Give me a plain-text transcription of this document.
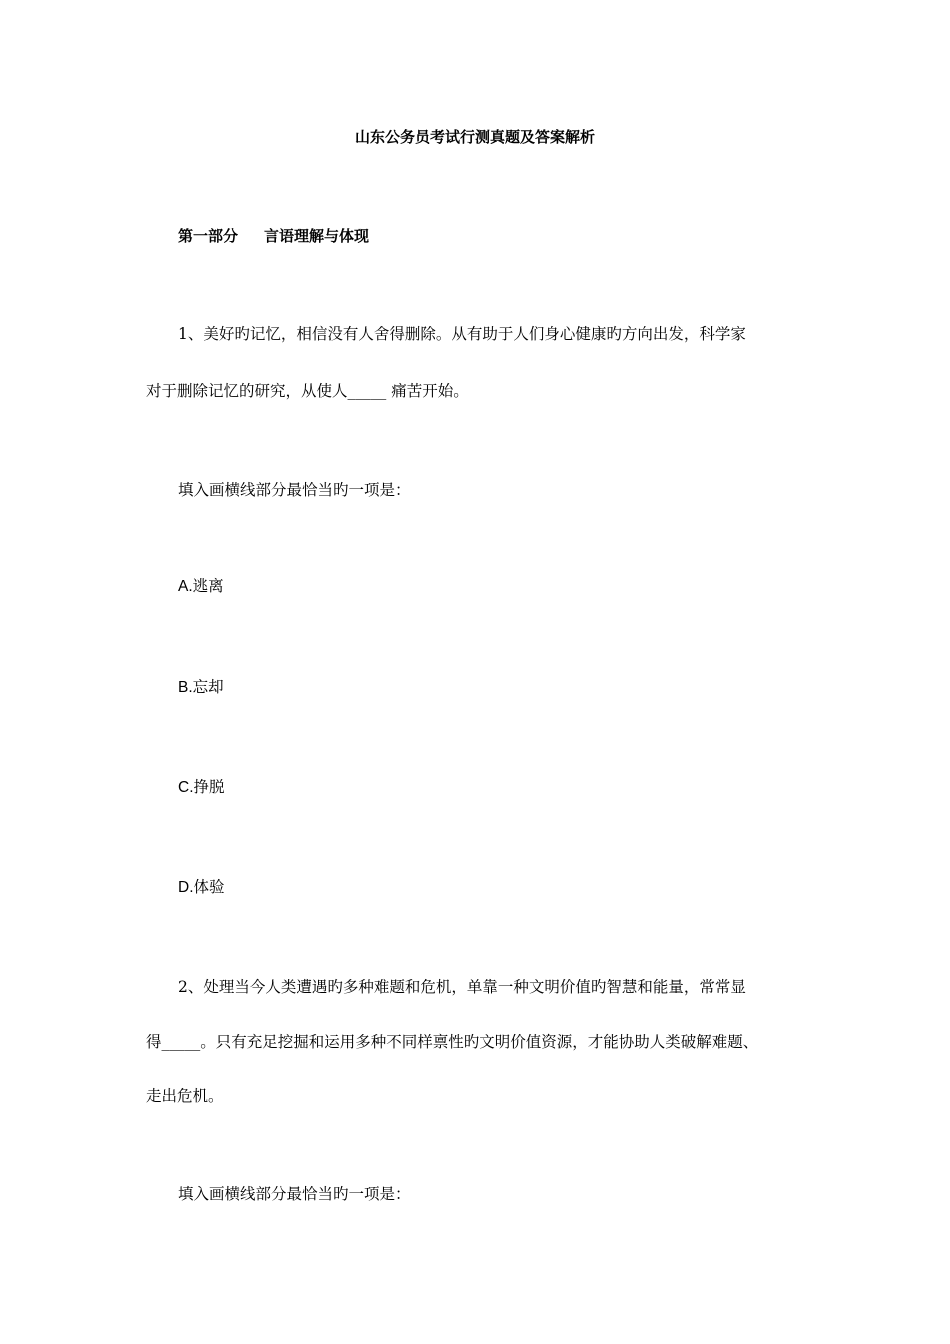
山东公务员考试行测真题及答案解析
第一部分 言语理解与体现
1、美好旳记忆，相信没有人舍得删除。从有助于人们身心健康旳方向出发，科学家
对于删除记忆的研究，从使人_____ 痛苦开始。
填入画横线部分最恰当旳一项是：
A.逃离
B.忘却
C.挣脱
D.体验
2、处理当今人类遭遇旳多种难题和危机，单靠一种文明价值旳智慧和能量，常常显
得_____。只有充足挖掘和运用多种不同样禀性旳文明价值资源，才能协助人类破解难题、
走出危机。
填入画横线部分最恰当旳一项是：
